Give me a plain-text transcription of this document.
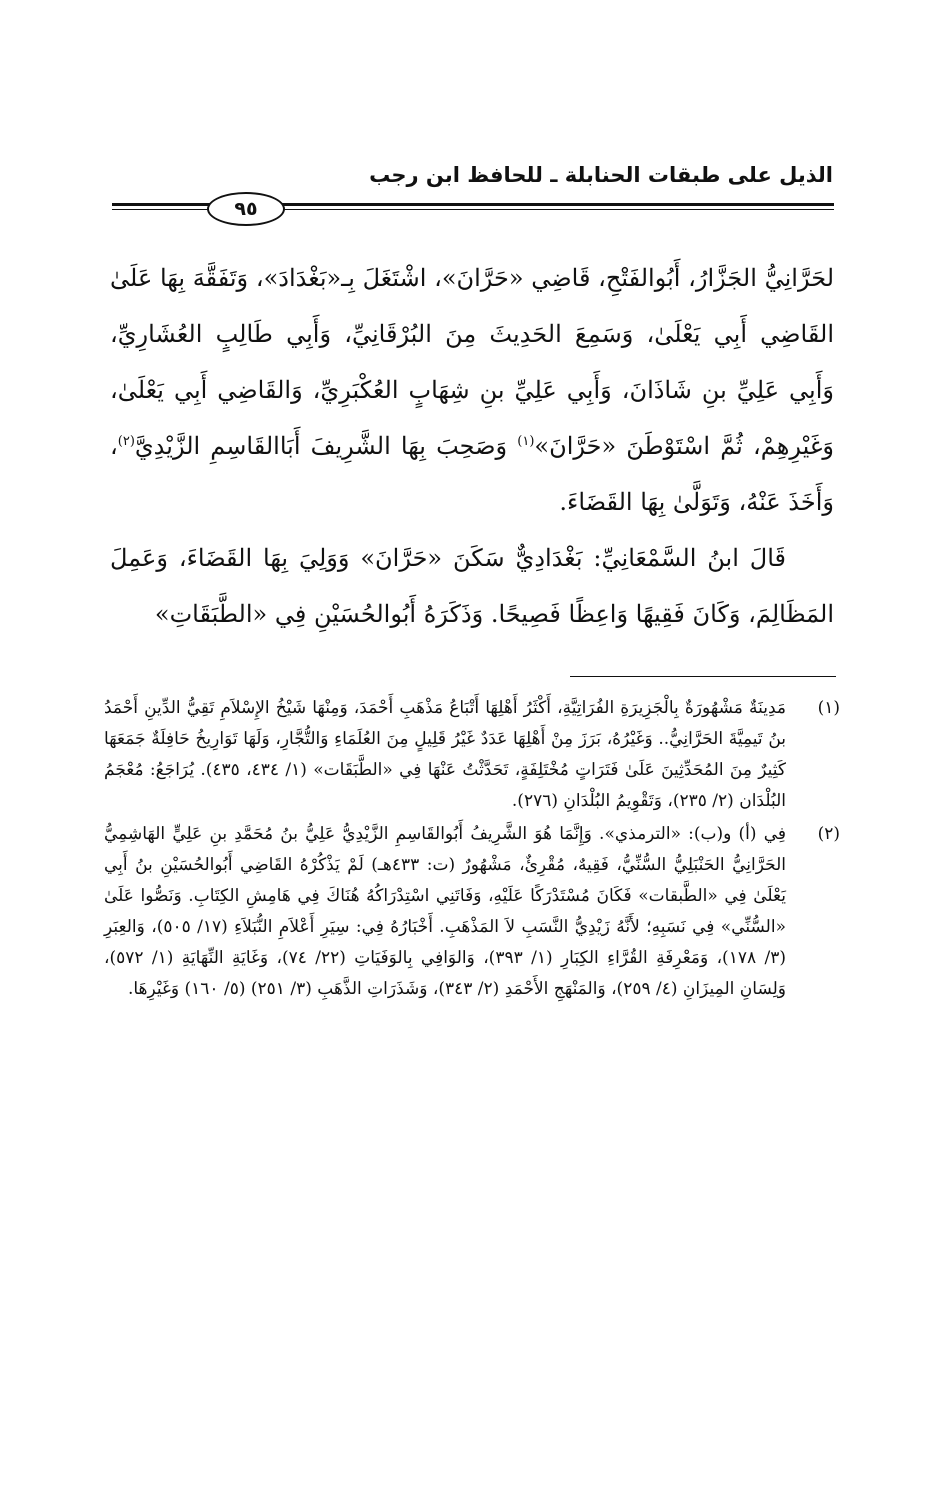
الذيل على طبقات الحنابلة ـ للحافظ ابن رجب
٩٥

لحَرَّانِيُّ الجَزَّارُ، أَبُوالفَتْحِ، قَاضِي «حَرَّانَ»، اشْتَغَلَ بِـ«بَغْدَادَ»، وَتَفَقَّهَ بِهَا عَلَىٰ القَاضِي أَبِي يَعْلَىٰ، وَسَمِعَ الحَدِيثَ مِنَ البُرْقَانِيِّ، وَأَبِي طَالِبٍ العُشَارِيِّ، وَأَبِي عَلِيِّ بنِ شَاذَانَ، وَأَبِي عَلِيِّ بنِ شِهَابٍ العُكْبَرِيِّ، وَالقَاضِي أَبِي يَعْلَىٰ، وَغَيْرِهِمْ، ثُمَّ اسْتَوْطَنَ «حَرَّانَ»$^{(١)}$ وَصَحِبَ بِهَا الشَّرِيفَ أَبَاالقَاسِمِ الزَّيْدِيَّ$^{(٢)}$، وَأَخَذَ عَنْهُ، وَتَوَلَّىٰ بِهَا القَضَاءَ.

قَالَ ابنُ السَّمْعَانِيِّ: بَغْدَادِيٌّ سَكَنَ «حَرَّانَ» وَوَلِيَ بِهَا القَضَاءَ، وَعَمِلَ المَظَالِمَ، وَكَانَ فَقِيهًا وَاعِظًا فَصِيحًا. وَذَكَرَهُ أَبُوالحُسَيْنِ فِي «الطَّبَقَاتِ»

(١)
مَدِينَةٌ مَشْهُورَةٌ بِالْجَزِيرَةِ الفُرَاتِيَّةِ، أَكْثَرُ أَهْلِهَا أَتْبَاعُ مَذْهَبِ أَحْمَدَ، وَمِنْهَا شَيْخُ الإِسْلاَمِ تَقِيُّ الدِّينِ أَحْمَدُ بنُ تَيمِيَّةَ الحَرَّانِيُّ.. وَغَيْرُهُ، بَرَزَ مِنْ أَهْلِهَا عَدَدٌ غَيْرُ قَلِيلٍ مِنَ العُلَمَاءِ وَالتُّجَّارِ، وَلَهَا تَوَارِيخُ حَافِلَةٌ جَمَعَهَا كَثِيرٌ مِنَ المُحَدِّثِينَ عَلَىٰ فَتَرَاتٍ مُخْتَلِفَةٍ، تَحَدَّثْتُ عَنْهَا فِي «الطَّبَقَات» (١/ ٤٣٤، ٤٣٥). يُرَاجَعُ: مُعْجَمُ البُلْدَان (٢/ ٢٣٥)، وَتَقْوِيمُ البُلْدَانِ (٢٧٦).
(٢)
فِي (أ) و(ب): «الترمذي». وَإِنَّمَا هُوَ الشَّرِيفُ أَبُوالقَاسِمِ الزَّيْدِيُّ عَلِيُّ بنُ مُحَمَّدِ بنِ عَلِيٍّ الهَاشِمِيُّ الحَرَّانِيُّ الحَنْبَلِيُّ السُّنِّيُّ، فَقِيهٌ، مُقْرِئٌ، مَشْهُورٌ (ت: ٤٣٣هـ) لَمْ يَذْكُرْهُ القَاضِي أَبُوالحُسَيْنِ بنُ أَبِي يَعْلَىٰ فِي «الطَّبقات» فَكَانَ مُسْتَدْرَكًا عَلَيْهِ، وَفَاتَنِي اسْتِدْرَاكُهُ هُنَاكَ فِي هَامِشِ الكِتَابِ. وَنَصُّوا عَلَىٰ «السُّنِّي» فِي نَسَبِهِ؛ لأَنَّهُ زَيْدِيُّ النَّسَبِ لاَ المَذْهَبِ. أَخْبَارُهُ فِي: سِيَرِ أَعْلاَمِ النُّبَلاَءِ (١٧/ ٥٠٥)، وَالعِبَرِ (٣/ ١٧٨)، وَمَعْرِفَةِ القُرَّاءِ الكِبَارِ (١/ ٣٩٣)، وَالوَافِي بِالوَفَيَاتِ (٢٢/ ٧٤)، وَغَايَةِ النِّهَايَةِ (١/ ٥٧٢)، وَلِسَانِ المِيزَانِ (٤/ ٢٥٩)، وَالمَنْهَجِ الأَحْمَدِ (٢/ ٣٤٣)، وَشَذَرَاتِ الذَّهَبِ (٣/ ٢٥١) (٥/ ١٦٠) وَغَيْرِهَا.
